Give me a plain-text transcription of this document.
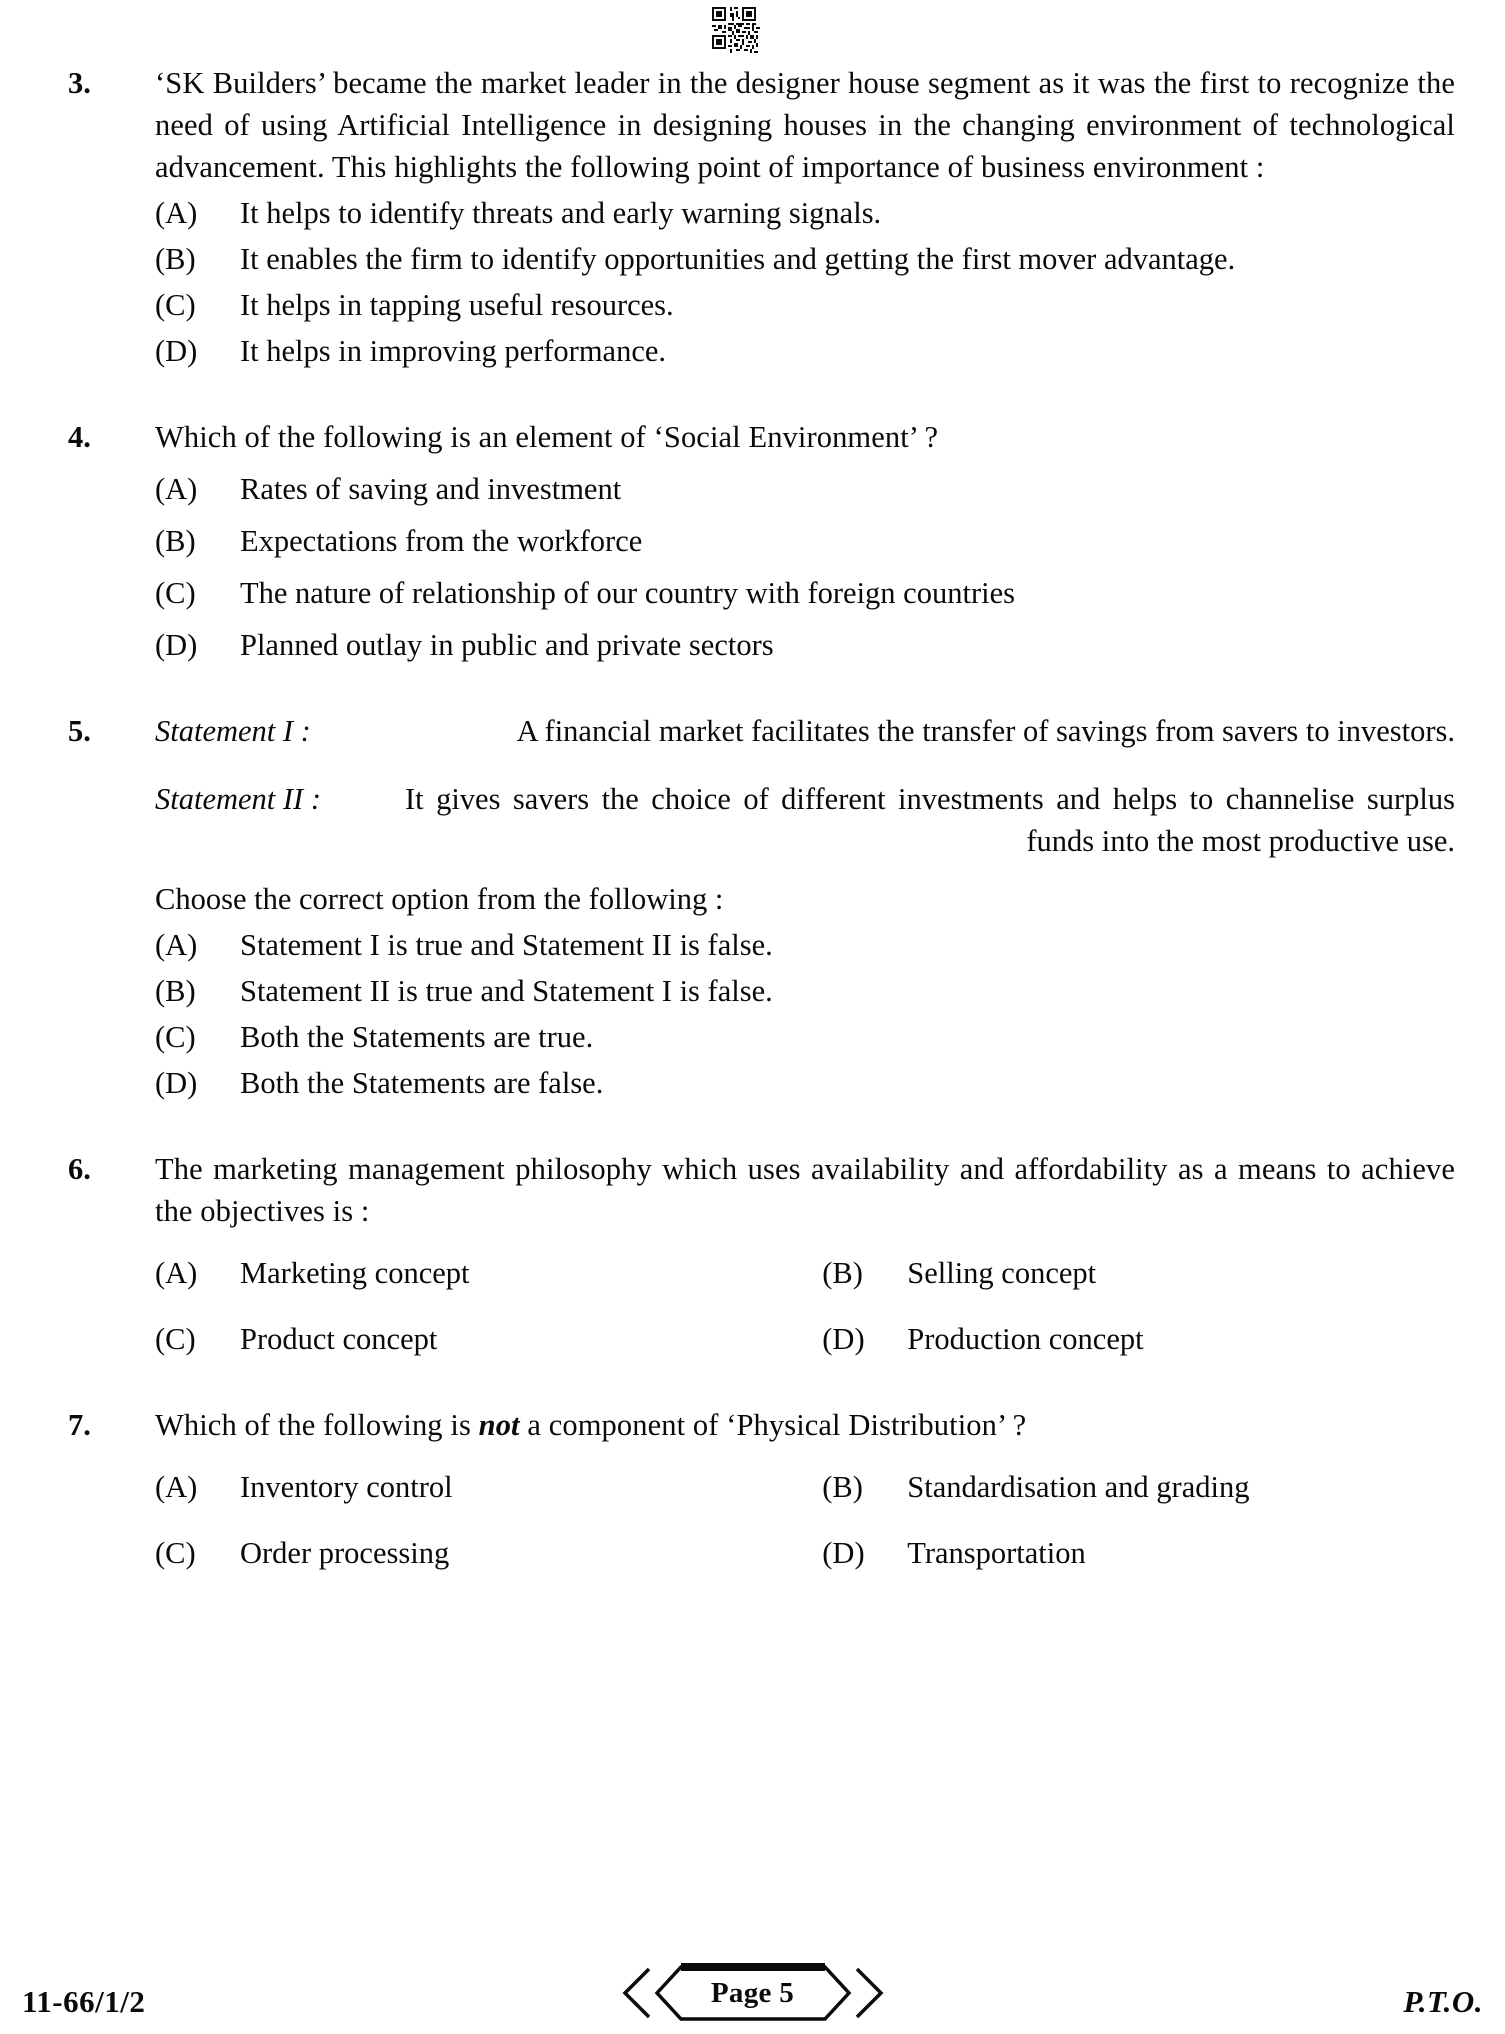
3. ‘SK Builders’ became the market leader in the designer house segment as it was the first to recognize the need of using Artificial Intelligence in designing houses in the changing environment of technological advancement. This highlights the following point of importance of business environment :

(A)	It helps to identify threats and early warning signals.
(B)	It enables the firm to identify opportunities and getting the first mover advantage.
(C)	It helps in tapping useful resources.
(D)	It helps in improving performance.
4. Which of the following is an element of ‘Social Environment’ ?

(A)	Rates of saving and investment
(B)	Expectations from the workforce
(C)	The nature of relationship of our country with foreign countries
(D)	Planned outlay in public and private sectors
5. Statement I :	A financial market facilitates the transfer of savings from savers to investors.
Statement II :	It gives savers the choice of different investments and helps to channelise surplus funds into the most productive use.
Choose the correct option from the following :
(A)	Statement I is true and Statement II is false.
(B)	Statement II is true and Statement I is false.
(C)	Both the Statements are true.
(D)	Both the Statements are false.
6. The marketing management philosophy which uses availability and affordability as a means to achieve the objectives is :

(A)	Marketing concept	(B)	Selling concept
(C)	Product concept	(D)	Production concept
7. Which of the following is not a component of ‘Physical Distribution’ ?

(A)	Inventory control	(B)	Standardisation and grading
(C)	Order processing	(D)	Transportation
11-66/1/2	Page 5	P.T.O.
